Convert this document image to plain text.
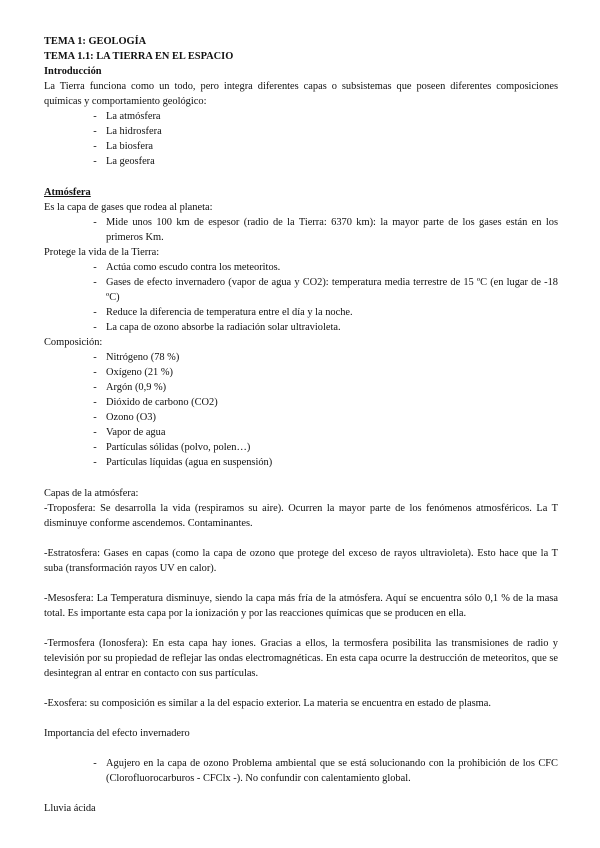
TEMA 1: GEOLOGÍA

TEMA 1.1: LA TIERRA EN EL ESPACIO

Introducción

La Tierra funciona como un todo, pero integra diferentes capas o subsistemas que poseen diferentes composiciones químicas y comportamiento geológico:

- La atmósfera
- La hidrosfera
- La biosfera
- La geosfera

Atmósfera

Es la capa de gases que rodea al planeta:

- Mide unos 100 km de espesor (radio de la Tierra: 6370 km): la mayor parte de los gases están en los primeros Km.

Protege la vida de la Tierra:

- Actúa como escudo contra los meteoritos.
- Gases de efecto invernadero (vapor de agua y CO2): temperatura media terrestre de 15 ºC (en lugar de -18 ºC)
- Reduce la diferencia de temperatura entre el día y la noche.
- La capa de ozono absorbe la radiación solar ultravioleta.

Composición:

- Nitrógeno (78 %)
- Oxígeno (21 %)
- Argón (0,9 %)
- Dióxido de carbono (CO2)
- Ozono (O3)
- Vapor de agua
- Partículas sólidas (polvo, polen…)
- Partículas líquidas (agua en suspensión)

Capas de la atmósfera:

-Troposfera: Se desarrolla la vida (respiramos su aire). Ocurren la mayor parte de los fenómenos atmosféricos. La T disminuye conforme ascendemos. Contaminantes.

-Estratosfera: Gases en capas (como la capa de ozono que protege del exceso de rayos ultravioleta). Esto hace que la T suba (transformación rayos UV en calor).

-Mesosfera: La Temperatura disminuye, siendo la capa más fría de la atmósfera. Aquí se encuentra sólo 0,1 % de la masa total. Es importante esta capa por la ionización y por las reacciones químicas que se producen en ella.

-Termosfera (Ionosfera): En esta capa hay iones. Gracias a ellos, la termosfera posibilita las transmisiones de radio y televisión por su propiedad de reflejar las ondas electromagnéticas. En esta capa ocurre la destrucción de meteoritos, que se desintegran al entrar en contacto con sus partículas.

-Exosfera: su composición es similar a la del espacio exterior. La materia se encuentra en estado de plasma.

Importancia del efecto invernadero

- Agujero en la capa de ozono Problema ambiental que se está solucionando con la prohibición de los CFC (Clorofluorocarburos - CFClx -). No confundir con calentamiento global.

Lluvia ácida
